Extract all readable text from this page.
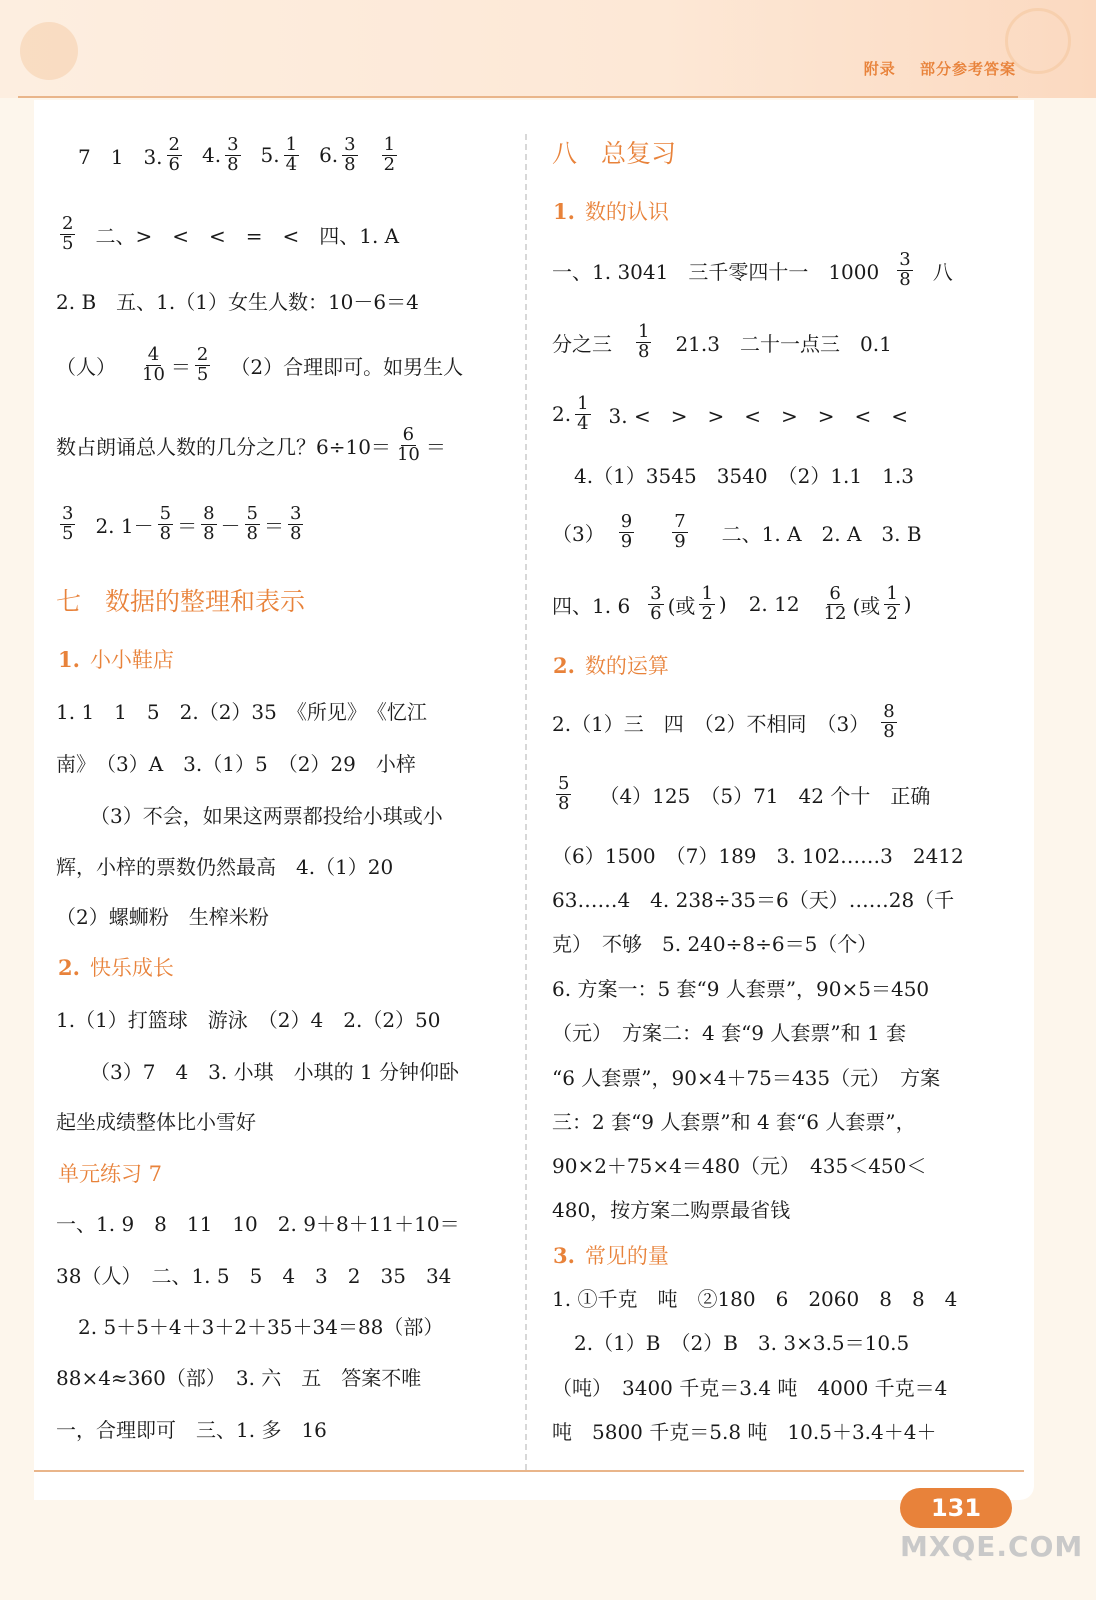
附录 部分参考答案
7　1　3. $\frac{2}{6} 4$. $\frac{3}{8} 5$. $\frac{1}{4} 6$. $\frac{3}{8} \frac{1}{2}$
$\frac{2}{5}$ 二、>　<　<　=　<　四、1. A
2. B　五、1.（1）女生人数：10－6＝4
（人） $\frac{4}{10} = \frac{2}{5} (2)$合理即可。如男生人
数占朗诵总人数的几分之几？$6\div 10= \frac{6}{10}$ ＝
$\frac{3}{5} 2$. $1- \frac{5}{8} = \frac{8}{8} - \frac{5}{8} = \frac{3}{8}$
七 数据的整理和表示
1. 小小鞋店
1. 1　1　5　2.（2）35　《所见》　《忆江
南》　（3）A　3.（1）5　（2）29　小梓
（3）不会，如果这两票都投给小琪或小
辉，小梓的票数仍然最高　4.（1）20
（2）螺蛳粉　生榨米粉
2. 快乐成长
1.（1）打篮球　游泳　（2）4　2.（2）50
（3）7　4　3. 小琪　小琪的 1 分钟仰卧
起坐成绩整体比小雪好
单元练习 7
一、1. 9　8　11　10　2. 9＋8＋11＋10＝
38（人）　二、1. 5　5　4　3　2　35　34
2. 5＋5＋4＋3＋2＋35＋34＝88（部）
88×4≈360（部）　3. 六　五　答案不唯
一，合理即可　三、1. 多　16
八 总复习
1. 数的认识
一、1. 3041　三千零四十一　$1000 \frac{3}{8}$ 八
分之三 $\frac{1}{8} 21.3$　二十一点三　0.1
2. $\frac{1}{4} 3$. <　>　>　<　>　>　<　<
4.（1）3545　3540　（2）1.1　1.3
$(3) \frac{9}{9} \frac{7}{9}$ 二、1. A　2. A　3. B
四、1. $6 \frac{3}{6}$ (或 $\frac{1}{2}$ ) 2. $12 \frac{6}{12}$ (或 $\frac{1}{2}$ )
2. 数的运算
2.（1）三　四　（2）不相同　$(3) \frac{8}{8}$
$\frac{5}{8} (4)125$　（5）71　42 个十　正确
（6）1500　（7）189　3. 102……3　2412
63……4　4. 238÷35＝6（天）……28（千
克）　不够　5. 240÷8÷6＝5（个）
6. 方案一：5 套“9 人套票”，90×5＝450
（元）　方案二：4 套“9 人套票”和 1 套
“6 人套票”，90×4＋75＝435（元）　方案
三：2 套“9 人套票”和 4 套“6 人套票”，
90×2＋75×4＝480（元）　435＜450＜
480，按方案二购票最省钱
3. 常见的量
1. ①千克　吨　②180　6　2060　8　8　4
2.（1）B　（2）B　3. 3×3.5＝10.5
（吨）　3400 千克＝3.4 吨　4000 千克＝4
吨　5800 千克＝5.8 吨　10.5＋3.4＋4＋
131
MXQE.COM
